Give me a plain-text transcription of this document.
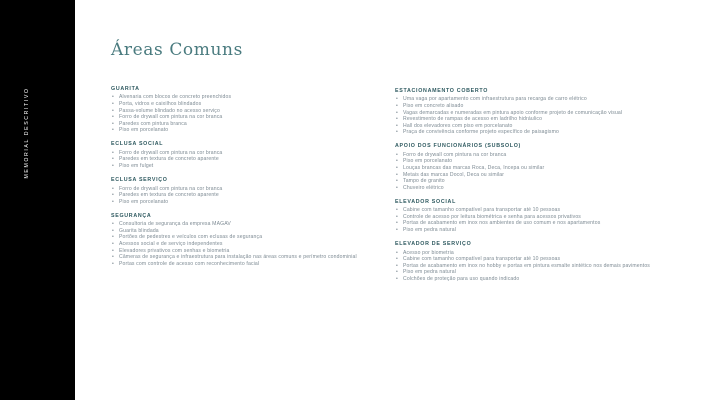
MEMORIAL DESCRITIVO
Áreas Comuns
GUARITA
• Alvenaria com blocos de concreto preenchidos
• Porta, vidros e caixilhos blindados
• Passa-volume blindado no acesso serviço
• Forro de drywall com pintura na cor branca
• Paredes com pintura branca
• Piso em porcelanato
ECLUSA SOCIAL
• Forro de drywall com pintura na cor branca
• Paredes em textura de concreto aparente
• Piso em fulget
ECLUSA SERVIÇO
• Forro de drywall com pintura na cor branca
• Paredes em textura de concreto aparente
• Piso em porcelanato
SEGURANÇA
• Consultoria de segurança da empresa MAGAV
• Guarita blindada
• Portões de pedestres e veículos com eclusas de segurança
• Acessos social e de serviço independentes
• Elevadores privativos com senhas e biometria
• Câmeras de segurança e infraestrutura para instalação nas áreas comuns e perímetro condominial
• Portas com controle de acesso com reconhecimento facial
ESTACIONAMENTO COBERTO
• Uma vaga por apartamento com infraestrutura para recarga de carro elétrico
• Piso em concreto alisado
• Vagas demarcadas e numeradas em pintura apoio conforme projeto de comunicação visual
• Revestimento de rampas de acesso em ladrilho hidráulico
• Hall dos elevadores com piso em porcelanato
• Praça de convivência conforme projeto específico de paisagismo
APOIO DOS FUNCIONÁRIOS (SUBSOLO)
• Forro de drywall com pintura na cor branca
• Piso em porcelanato
• Louças brancas das marcas Roca, Deca, Incepa ou similar
• Metais das marcas Docol, Deca ou similar
• Tampo de granito
• Chuveiro elétrico
ELEVADOR SOCIAL
• Cabine com tamanho compatível para transportar até 10 pessoas
• Controle de acesso por leitura biométrica e senha para acessos privativos
• Portas de acabamento em inox nos ambientes de uso comum e nos apartamentos
• Piso em pedra natural
ELEVADOR DE SERVIÇO
• Acesso por biometria
• Cabine com tamanho compatível para transportar até 10 pessoas
• Portas de acabamento em inox no hobby e portas em pintura esmalte sintético nos demais pavimentos
• Piso em pedra natural
• Colchões de proteção para uso quando indicado
